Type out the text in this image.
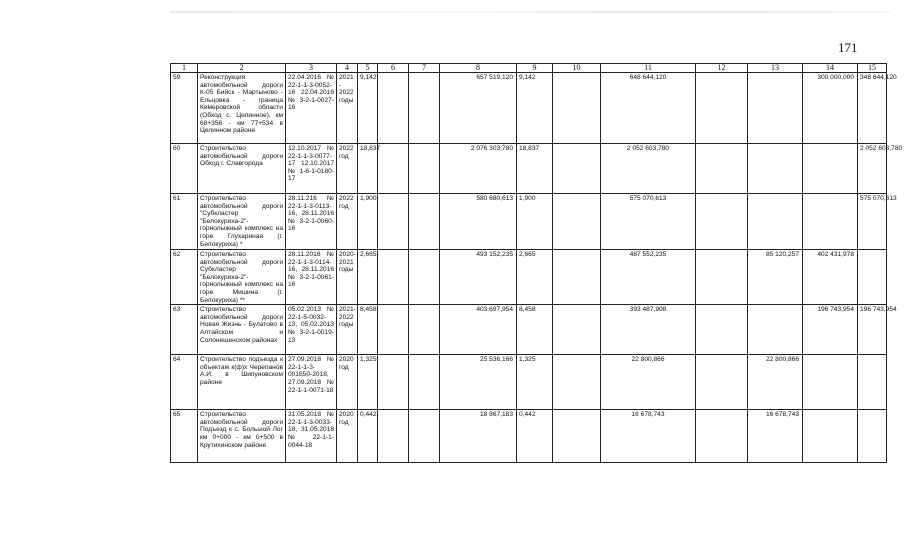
171
1	2	3	4	5	6	7	8	9	10	11	12	13	14	15
59	Реконструкция автомобильной дороги К-05 Бийск - Мартыново - Ельцовка - граница Кемеровской области (Обход с. Целинное), км 68+356 - км 77+534 в Целинном районе	22.04.2016 № 22-1-1-3-0052-16 22.04.2016 № 3-2-1-0027-16	2021 - 2022 годы	9,142			657 519,120	9,142		648 644,120			300 000,000	348 644,120
60	Строительство автомобильной дороги Обход г. Славгорода	12.10.2017 № 22-1-1-3-0077-17 12.10.2017 № 1-6-1-0180-17	2022 год	18,837			2 076 303,780	18,837		2 052 603,780				2 052 603,780
61	Строительство автомобильной дороги "Субкластер "Белокуриха-2"- горнолыжный комплекс на горе Глухариная (г. Белокуриха) *	28.11.216 № 22-1-1-3-0113-16, 28.11.2016 № 3-2-1-0060-16	2022 год	1,900			580 680,613	1,900		575 070,613				575 070,613
62	Строительство автомобильной дороги Субкластер "Белокуриха-2"-горнолыжный комплекс на горе Мишина (г. Белокуриха) **	28.11.2016 № 22-1-1-3-0114-16, 28.11.2016 № 3-2-1-0061-16	2020-2021 годы	2,665			493 152,235	2,665		487 552,235		85 120,257	402 431,978	
63	Строительство автомобильной дороги Новая Жизнь - Булатово в Алтайском и Солонешенском районах	05.02.2013 № 22-1-5-0032-13, 05.02.2013 № 3-2-1-0019-13	2021-2022 годы	8,458			403 697,954	8,458		393 487,908			196 743,954	196 743,954
64	Строительство подъезда к объектам к(ф)х Черепанов А.И. в Шипуновском районе	27.09.2018 № 22-1-1-3-001650-2018, 27.09.2018 № 22-1-1-0071-18	2020 год	1,325			25 536,166	1,325		22 800,866		22 800,866		
65	Строительство автомобильной дороги Подъезд к с. Большой Лог км 0+000 - км 0+500 в Крутихинском районе	31.05.2018 № 22-1-1-3-0033-18, 31.05.2018 № 22-1-1-0044-18	2020 год	0,442			18 867,183	0,442		16 678,743		16 678,743		
